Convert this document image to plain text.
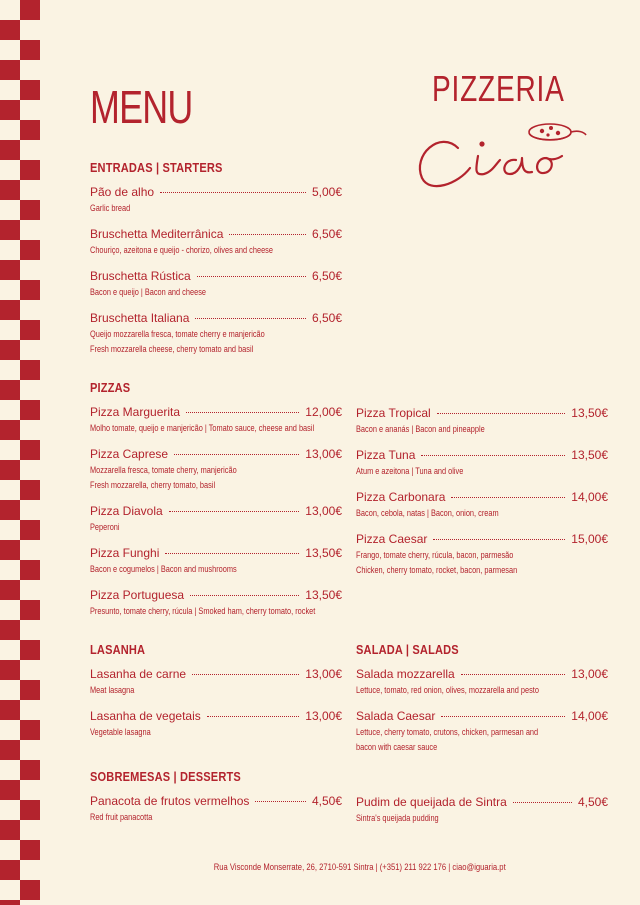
MENU	PIZZERIA
ENTRADAS | STARTERS
Pão de alho	5,00€
Garlic bread
Bruschetta Mediterrânica	6,50€
Chouriço, azeitona e queijo - chorizo, olives and cheese
Bruschetta Rústica	6,50€
Bacon e queijo | Bacon and cheese
Bruschetta Italiana	6,50€
Queijo mozzarella fresca, tomate cherry e manjericão
Fresh mozzarella cheese, cherry tomato and basil
PIZZAS
Pizza Marguerita	12,00€
Molho tomate, queijo e manjericão | Tomato sauce, cheese and basil
Pizza Caprese	13,00€
Mozzarella fresca, tomate cherry, manjericão
Fresh mozzarella, cherry tomato, basil
Pizza Diavola	13,00€
Peperoni
Pizza Funghi	13,50€
Bacon e cogumelos | Bacon and mushrooms
Pizza Portuguesa	13,50€
Presunto, tomate cherry, rúcula | Smoked ham, cherry tomato, rocket
Pizza Tropical	13,50€
Bacon e ananás | Bacon and pineapple
Pizza Tuna	13,50€
Atum e azeitona | Tuna and olive
Pizza Carbonara	14,00€
Bacon, cebola, natas | Bacon, onion, cream
Pizza Caesar	15,00€
Frango, tomate cherry, rúcula, bacon, parmesão
Chicken, cherry tomato, rocket, bacon, parmesan
LASANHA
Lasanha de carne	13,00€
Meat lasagna
Lasanha de vegetais	13,00€
Vegetable lasagna
SALADA | SALADS
Salada mozzarella	13,00€
Lettuce, tomato, red onion, olives, mozzarella and pesto
Salada Caesar	14,00€
Lettuce, cherry tomato, crutons, chicken, parmesan and
bacon with caesar sauce
SOBREMESAS | DESSERTS
Panacota de frutos vermelhos	4,50€
Red fruit panacotta
Pudim de queijada de Sintra	4,50€
Sintra's queijada pudding
Rua Visconde Monserrate, 26, 2710-591 Sintra | (+351) 211 922 176 | ciao@iguaria.pt
